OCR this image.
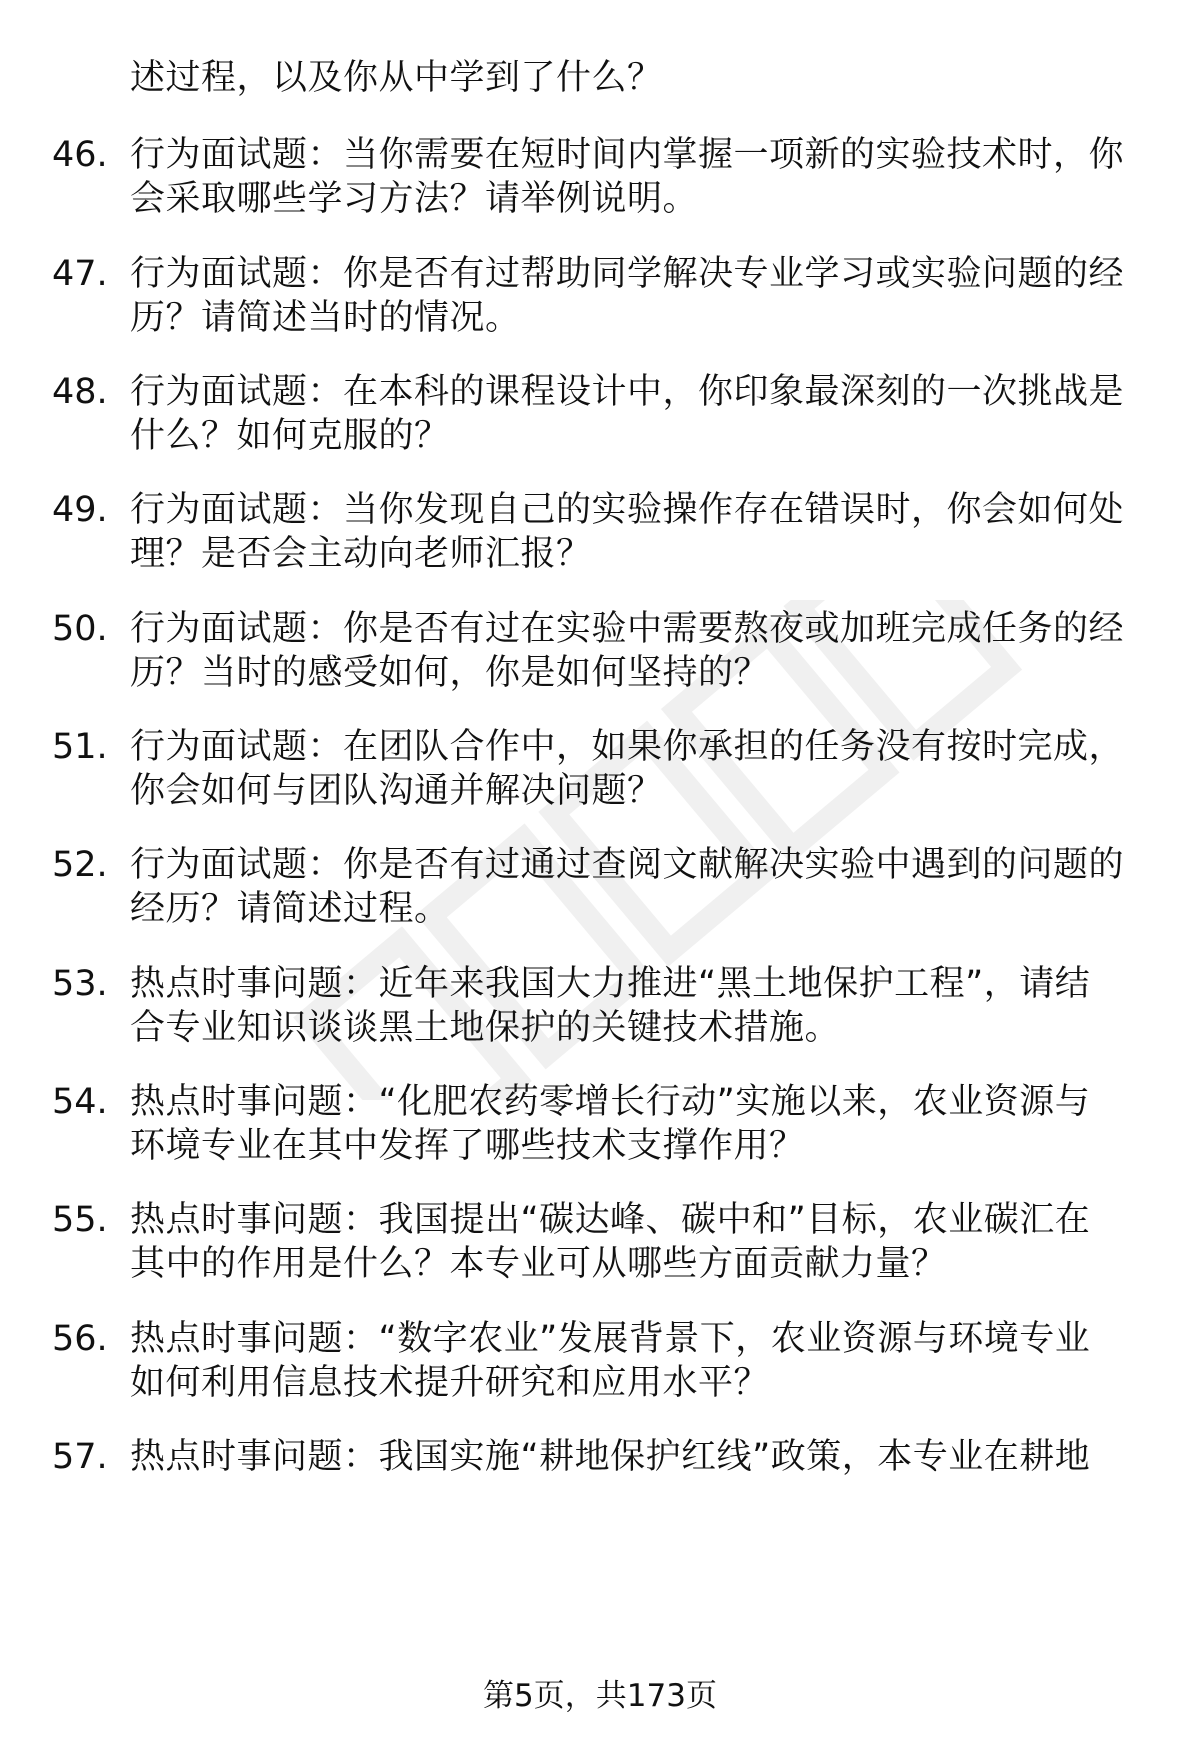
述过程，以及你从中学到了什么？
46. 行为面试题：当你需要在短时间内掌握一项新的实验技术时，你
会采取哪些学习方法？请举例说明。
47. 行为面试题：你是否有过帮助同学解决专业学习或实验问题的经
历？请简述当时的情况。
48. 行为面试题：在本科的课程设计中，你印象最深刻的一次挑战是
什么？如何克服的？
49. 行为面试题：当你发现自己的实验操作存在错误时，你会如何处
理？是否会主动向老师汇报？
50. 行为面试题：你是否有过在实验中需要熬夜或加班完成任务的经
历？当时的感受如何，你是如何坚持的？
51. 行为面试题：在团队合作中，如果你承担的任务没有按时完成，
你会如何与团队沟通并解决问题？
52. 行为面试题：你是否有过通过查阅文献解决实验中遇到的问题的
经历？请简述过程。
53. 热点时事问题：近年来我国大力推进“黑土地保护工程”，请结
合专业知识谈谈黑土地保护的关键技术措施。
54. 热点时事问题：“化肥农药零增长行动”实施以来，农业资源与
环境专业在其中发挥了哪些技术支撑作用？
55. 热点时事问题：我国提出“碳达峰、碳中和”目标，农业碳汇在
其中的作用是什么？本专业可从哪些方面贡献力量？
56. 热点时事问题：“数字农业”发展背景下，农业资源与环境专业
如何利用信息技术提升研究和应用水平？
57. 热点时事问题：我国实施“耕地保护红线”政策，本专业在耕地
第5页，共173页
